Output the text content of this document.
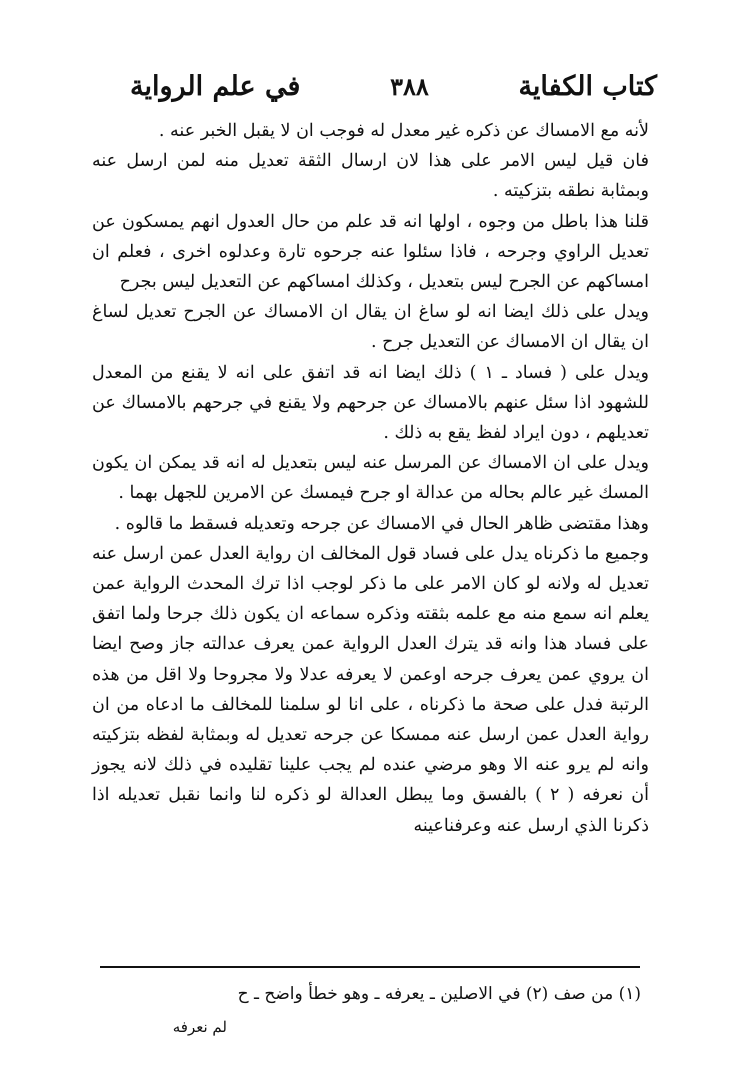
كتاب الكفاية
٣٨٨
في علم الرواية

لأنه مع الامساك عن ذكره غير معدل له فوجب ان لا يقبل الخبر عنه .

فان قيل ليس الامر على هذا لان ارسال الثقة تعديل منه لمن ارسل عنه وبمثابة نطقه بتزكيته .

قلنا هذا باطل من وجوه ، اولها انه قد علم من حال العدول انهم يمسكون عن تعديل الراوي وجرحه ، فاذا سئلوا عنه جرحوه تارة وعدلوه اخرى ، فعلم ان امساكهم عن الجرح ليس بتعديل ، وكذلك امساكهم عن التعديل ليس بجرح

ويدل على ذلك ايضا انه لو ساغ ان يقال ان الامساك عن الجرح تعديل لساغ ان يقال ان الامساك عن التعديل جرح .

ويدل على ( فساد ـ ١ ) ذلك ايضا انه قد اتفق على انه لا يقنع من المعدل للشهود اذا سئل عنهم بالامساك عن جرحهم ولا يقنع في جرحهم بالامساك عن تعديلهم ، دون ايراد لفظ يقع به ذلك .

ويدل على ان الامساك عن المرسل عنه ليس بتعديل له انه قد يمكن ان يكون المسك غير عالم بحاله من عدالة او جرح فيمسك عن الامرين للجهل بهما .

وهذا مقتضى ظاهر الحال في الامساك عن جرحه وتعديله فسقط ما قالوه .

وجميع ما ذكرناه يدل على فساد قول المخالف ان رواية العدل عمن ارسل عنه تعديل له ولانه لو كان الامر على ما ذكر لوجب اذا ترك المحدث الرواية عمن يعلم انه سمع منه مع علمه بثقته وذكره سماعه ان يكون ذلك جرحا ولما اتفق على فساد هذا وانه قد يترك العدل الرواية عمن يعرف عدالته جاز وصح ايضا ان يروي عمن يعرف جرحه اوعمن لا يعرفه عدلا ولا مجروحا ولا اقل من هذه الرتبة فدل على صحة ما ذكرناه ، على انا لو سلمنا للمخالف ما ادعاه من ان رواية العدل عمن ارسل عنه ممسكا عن جرحه تعديل له وبمثابة لفظه بتزكيته وانه لم يرو عنه الا وهو مرضي عنده لم يجب علينا تقليده في ذلك لانه يجوز أن نعرفه ( ٢ ) بالفسق وما يبطل العدالة لو ذكره لنا وانما نقبل تعديله اذا ذكرنا الذي ارسل عنه وعرفناعينه

(١) من صف (٢) في الاصلين ـ يعرفه ـ وهو خطأ واضح ـ ح
لم نعرفه
